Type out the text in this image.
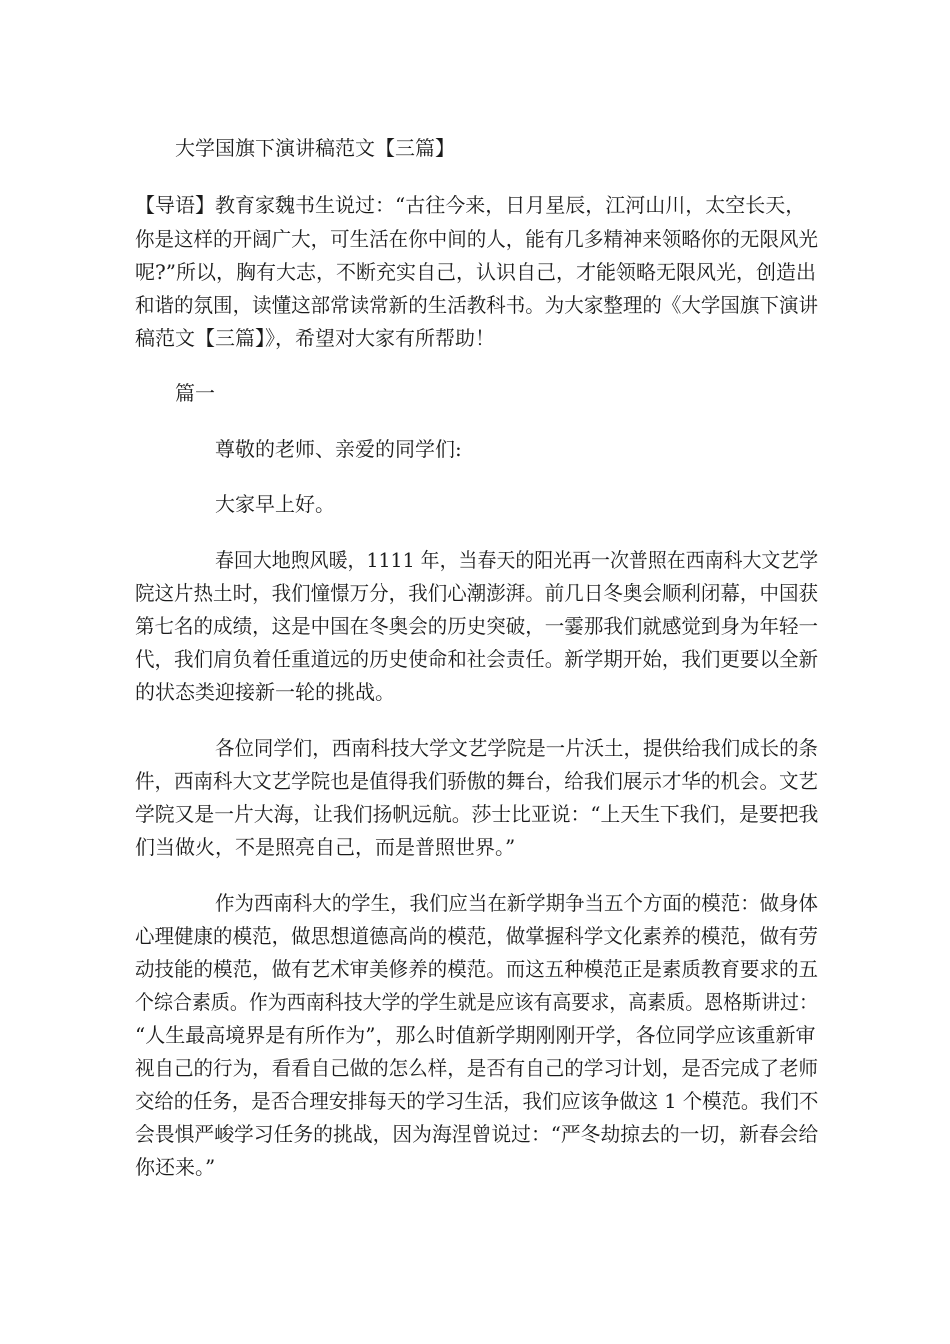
大学国旗下演讲稿范文【三篇】
【导语】教育家魏书生说过：“古往今来，日月星辰，江河山川，太空长天，
你是这样的开阔广大，可生活在你中间的人，能有几多精神来领略你的无限风光
呢?”所以，胸有大志，不断充实自己，认识自己，才能领略无限风光，创造出
和谐的氛围，读懂这部常读常新的生活教科书。为大家整理的《大学国旗下演讲
稿范文【三篇】》，希望对大家有所帮助！
篇一
尊敬的老师、亲爱的同学们:
大家早上好。
春回大地煦风暖，1111 年，当春天的阳光再一次普照在西南科大文艺学
院这片热土时，我们憧憬万分，我们心潮澎湃。前几日冬奥会顺利闭幕，中国获
第七名的成绩，这是中国在冬奥会的历史突破，一霎那我们就感觉到身为年轻一
代，我们肩负着任重道远的历史使命和社会责任。新学期开始，我们更要以全新
的状态类迎接新一轮的挑战。
各位同学们，西南科技大学文艺学院是一片沃土，提供给我们成长的条
件，西南科大文艺学院也是值得我们骄傲的舞台，给我们展示才华的机会。文艺
学院又是一片大海，让我们扬帆远航。莎士比亚说：“上天生下我们，是要把我
们当做火，不是照亮自己，而是普照世界。”
作为西南科大的学生，我们应当在新学期争当五个方面的模范：做身体
心理健康的模范，做思想道德高尚的模范，做掌握科学文化素养的模范，做有劳
动技能的模范，做有艺术审美修养的模范。而这五种模范正是素质教育要求的五
个综合素质。作为西南科技大学的学生就是应该有高要求，高素质。恩格斯讲过：
“人生最高境界是有所作为”，那么时值新学期刚刚开学，各位同学应该重新审
视自己的行为，看看自己做的怎么样，是否有自己的学习计划，是否完成了老师
交给的任务，是否合理安排每天的学习生活，我们应该争做这 1 个模范。我们不
会畏惧严峻学习任务的挑战，因为海涅曾说过：“严冬劫掠去的一切，新春会给
你还来。”
